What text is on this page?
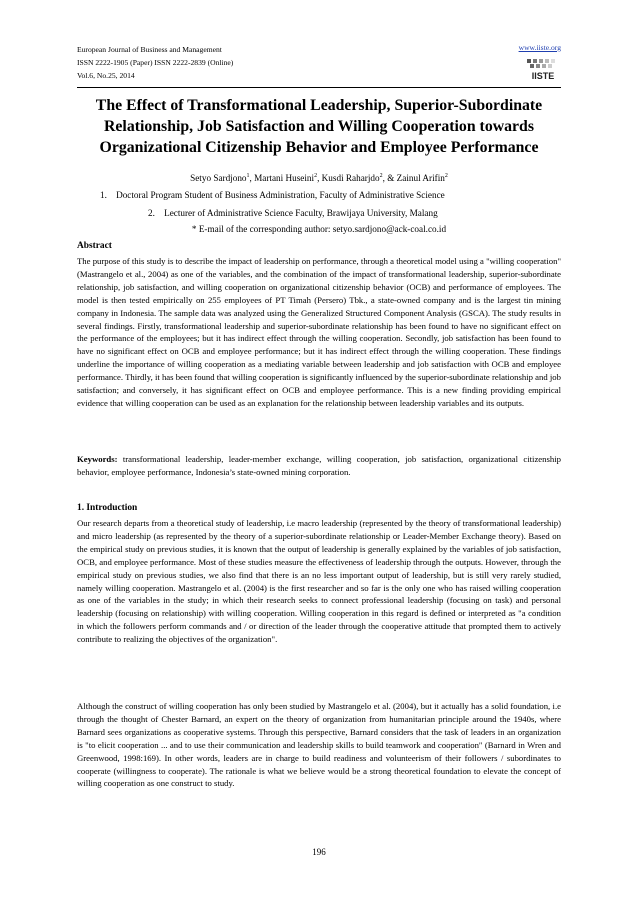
European Journal of Business and Management
ISSN 2222-1905 (Paper) ISSN 2222-2839 (Online)
Vol.6, No.25, 2014
www.iiste.org
IISTE
The Effect of Transformational Leadership, Superior-Subordinate Relationship, Job Satisfaction and Willing Cooperation towards Organizational Citizenship Behavior and Employee Performance
Setyo Sardjono$^1$, Martani Huseini$^2$, Kusdi Raharjdo$^2$, & Zainul Arifin$^2$
1.    Doctoral Program Student of Business Administration, Faculty of Administrative Science
2.    Lecturer of Administrative Science Faculty, Brawijaya University, Malang
* E-mail of the corresponding author: setyo.sardjono@ack-coal.co.id
Abstract
The purpose of this study is to describe the impact of leadership on performance, through a theoretical model using a "willing cooperation" (Mastrangelo et al., 2004) as one of the variables, and the combination of the impact of transformational leadership, superior-subordinate relationship, job satisfaction, and willing cooperation on organizational citizenship behavior (OCB) and performance of employees. The model is then tested empirically on 255 employees of PT Timah (Persero) Tbk., a state-owned company and is the largest tin mining company in Indonesia. The sample data was analyzed using the Generalized Structured Component Analysis (GSCA). The study results in several findings. Firstly, transformational leadership and superior-subordinate relationship has been found to have no significant effect on the performance of the employees; but it has indirect effect through the willing cooperation. Secondly, job satisfaction has been found to have no significant effect on OCB and employee performance; but it has indirect effect through the willing cooperation. These findings underline the importance of willing cooperation as a mediating variable between leadership and job satisfaction with OCB and employee performance. Thirdly, it has been found that willing cooperation is significantly influenced by the superior-subordinate relationship and job satisfaction; and conversely, it has significant effect on OCB and employee performance. This is a new finding providing empirical evidence that willing cooperation can be used as an explanation for the relationship between leadership variables and its outputs.
Keywords: transformational leadership, leader-member exchange, willing cooperation, job satisfaction, organizational citizenship behavior, employee performance, Indonesia’s state-owned mining corporation.
1. Introduction
Our research departs from a theoretical study of leadership, i.e macro leadership (represented by the theory of transformational leadership) and micro leadership (as represented by the theory of a superior-subordinate relationship or Leader-Member Exchange theory). Based on the empirical study on previous studies, it is known that the output of leadership is generally explained by the variables of job satisfaction, OCB, and employee performance. Most of these studies measure the effectiveness of leadership through the outputs. However, through the empirical study on previous studies, we also find that there is an no less important output of leadership, but is still very rarely studied, namely willing cooperation. Mastrangelo et al. (2004) is the first researcher and so far is the only one who has raised willing cooperation as one of the variables in the study; in which their research seeks to connect professional leadership (focusing on task) and personal leadership (focusing on relationship) with willing cooperation. Willing cooperation in this regard is defined or interpreted as "a condition in which the followers perform commands and / or direction of the leader through the cooperative attitude that prompted them to actively contribute to realizing the objectives of the organization".
Although the construct of willing cooperation has only been studied by Mastrangelo et al. (2004), but it actually has a solid foundation, i.e through the thought of Chester Barnard, an expert on the theory of organization from humanitarian principle around the 1940s, where Barnard sees organizations as cooperative systems. Through this perspective, Barnard considers that the task of leaders in an organization is "to elicit cooperation ... and to use their communication and leadership skills to build teamwork and cooperation" (Barnard in Wren and Greenwood, 1998:169). In other words, leaders are in charge to build readiness and volunteerism of their followers / subordinates to cooperate (willingness to cooperate). The rationale is what we believe would be a strong theoretical foundation to elevate the concept of willing cooperation as one construct to study.
196
